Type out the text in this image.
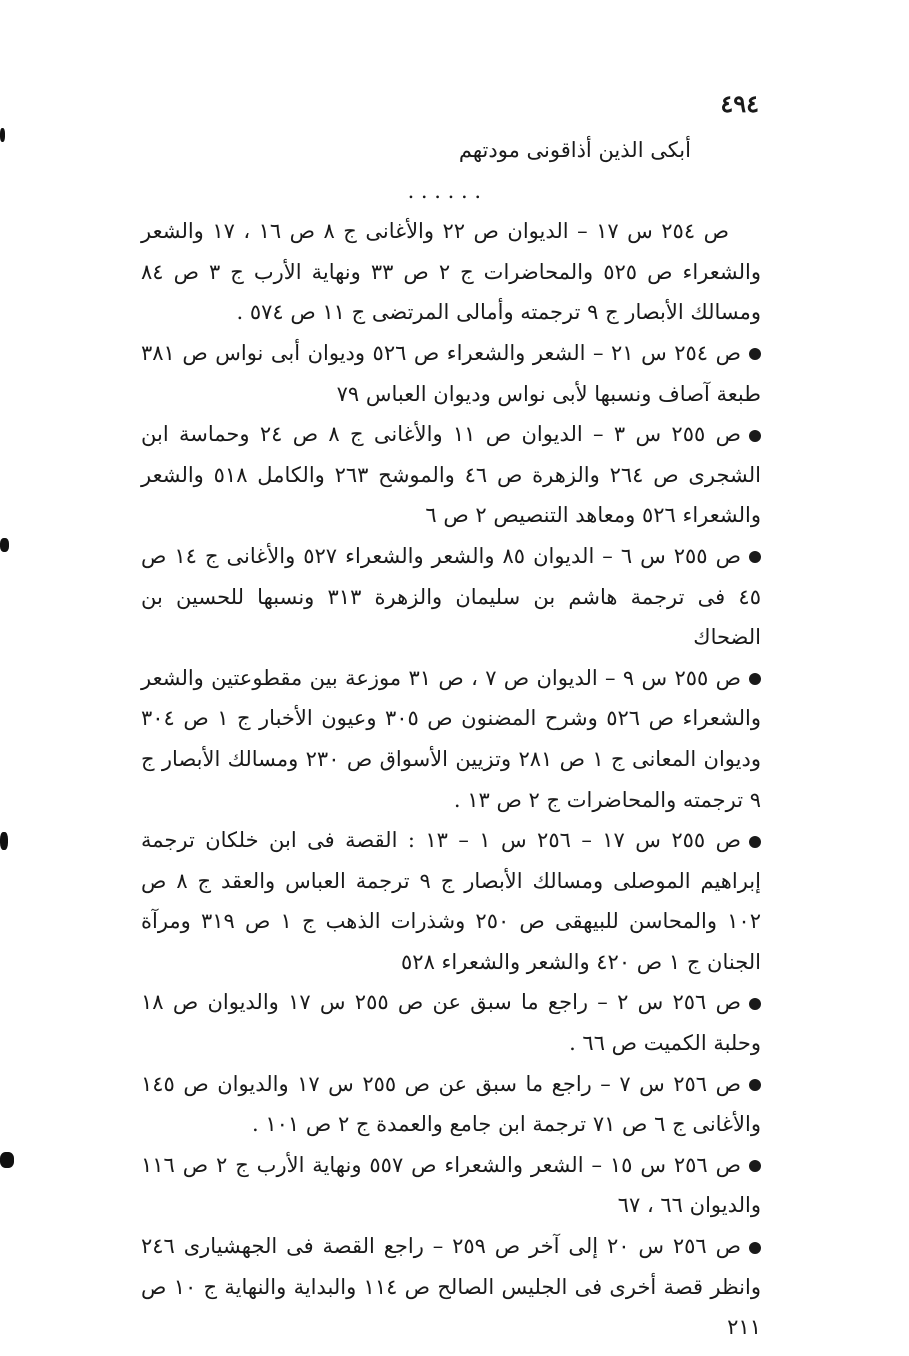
٤٩٤

أبكى الذين أذاقونى مودتهم

. . . . . .

ص ٢٥٤ س ١٧ – الديوان ص ٢٢ والأغانى ج ٨ ص ١٦ ، ١٧ والشعر والشعراء ص ٥٢٥ والمحاضرات ج ٢ ص ٣٣ ونهاية الأرب ج ٣ ص ٨٤ ومسالك الأبصار ج ٩ ترجمته وأمالى المرتضى ج ١١ ص ٥٧٤ .

ص ٢٥٤ س ٢١ – الشعر والشعراء ص ٥٢٦ وديوان أبى نواس ص ٣٨١ طبعة آصاف ونسبها لأبى نواس وديوان العباس ٧٩

ص ٢٥٥ س ٣ – الديوان ص ١١ والأغانى ج ٨ ص ٢٤ وحماسة ابن الشجرى ص ٢٦٤ والزهرة ص ٤٦ والموشح ٢٦٣ والكامل ٥١٨ والشعر والشعراء ٥٢٦ ومعاهد التنصيص ٢ ص ٦

ص ٢٥٥ س ٦ – الديوان ٨٥ والشعر والشعراء ٥٢٧ والأغانى ج ١٤ ص ٤٥ فى ترجمة هاشم بن سليمان والزهرة ٣١٣ ونسبها للحسين بن الضحاك

ص ٢٥٥ س ٩ – الديوان ص ٧ ، ص ٣١ موزعة بين مقطوعتين والشعر والشعراء ص ٥٢٦ وشرح المضنون ص ٣٠٥ وعيون الأخبار ج ١ ص ٣٠٤ وديوان المعانى ج ١ ص ٢٨١ وتزيين الأسواق ص ٢٣٠ ومسالك الأبصار ج ٩ ترجمته والمحاضرات ج ٢ ص ١٣ .

ص ٢٥٥ س ١٧ – ٢٥٦ س ١ – ١٣ : القصة فى ابن خلكان ترجمة إبراهيم الموصلى ومسالك الأبصار ج ٩ ترجمة العباس والعقد ج ٨ ص ١٠٢ والمحاسن للبيهقى ص ٢٥٠ وشذرات الذهب ج ١ ص ٣١٩ ومرآة الجنان ج ١ ص ٤٢٠ والشعر والشعراء ٥٢٨

ص ٢٥٦ س ٢ – راجع ما سبق عن ص ٢٥٥ س ١٧ والديوان ص ١٨ وحلبة الكميت ص ٦٦ .

ص ٢٥٦ س ٧ – راجع ما سبق عن ص ٢٥٥ س ١٧ والديوان ص ١٤٥ والأغانى ج ٦ ص ٧١ ترجمة ابن جامع والعمدة ج ٢ ص ١٠١ .

ص ٢٥٦ س ١٥ – الشعر والشعراء ص ٥٥٧ ونهاية الأرب ج ٢ ص ١١٦ والديوان ٦٦ ، ٦٧

ص ٢٥٦ س ٢٠ إلى آخر ص ٢٥٩ – راجع القصة فى الجهشيارى ٢٤٦ وانظر قصة أخرى فى الجليس الصالح ص ١١٤ والبداية والنهاية ج ١٠ ص ٢١١
